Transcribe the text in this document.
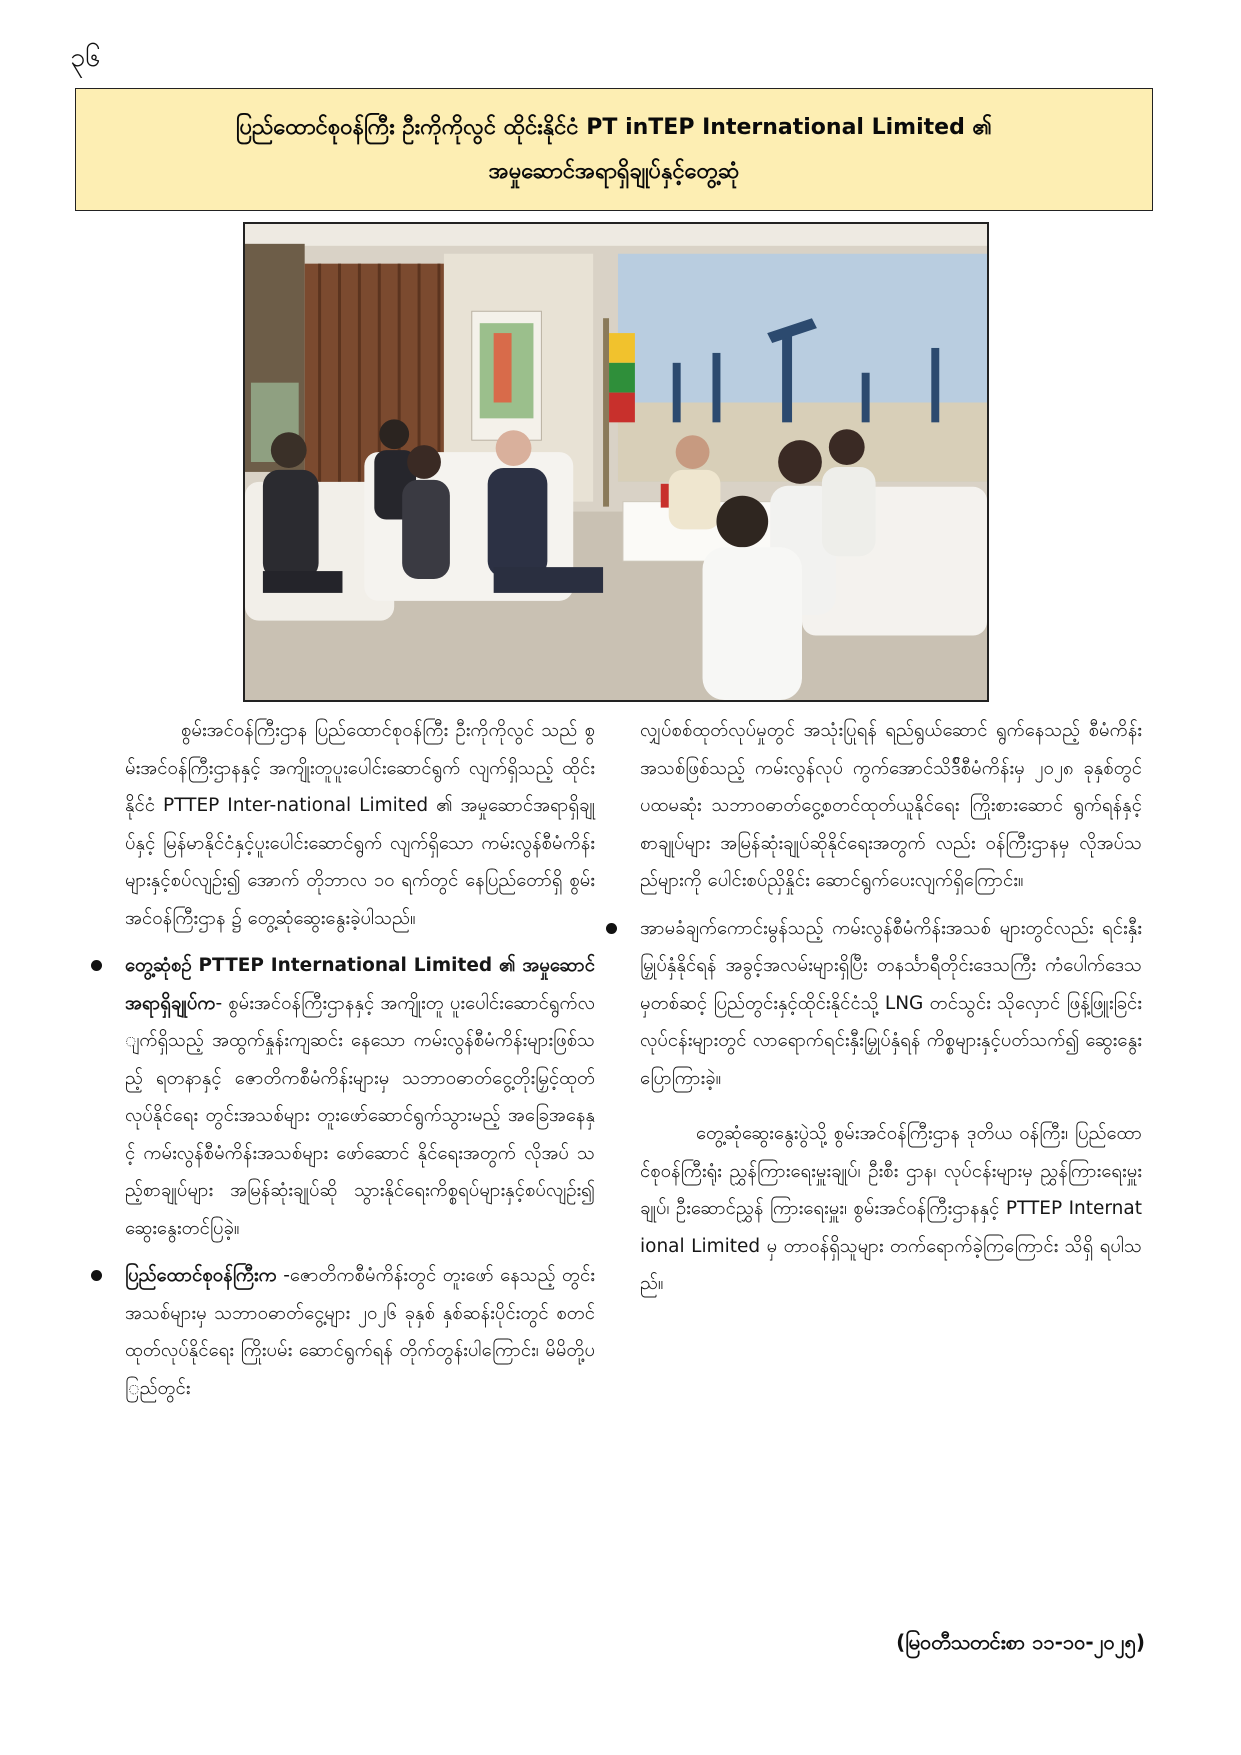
၃၆
ပြည်ထောင်စုဝန်ကြီး ဦးကိုကိုလွင် ထိုင်းနိုင်ငံ PT inTEP International Limited ၏
အမှုဆောင်အရာရှိချုပ်နှင့်တွေ့ဆုံ

စွမ်းအင်ဝန်ကြီးဌာန ပြည်ထောင်စုဝန်ကြီး ဦးကိုကိုလွင် သည် စွမ်းအင်ဝန်ကြီးဌာနနှင့် အကျိုးတူပူးပေါင်းဆောင်ရွက် လျက်ရှိသည့် ထိုင်းနိုင်ငံ PTTEP Inter-national Limited ၏ အမှုဆောင်အရာရှိချုပ်နှင့် မြန်မာနိုင်ငံနှင့်ပူးပေါင်းဆောင်ရွက် လျက်ရှိသော ကမ်းလွန်စီမံကိန်းများနှင့်စပ်လျဉ်း၍ အောက် တိုဘာလ ၁၀ ရက်တွင် နေပြည်တော်ရှိ စွမ်းအင်ဝန်ကြီးဌာန ၌ တွေ့ဆုံဆွေးနွေးခဲ့ပါသည်။

တွေ့ဆုံစဉ် PTTEP International Limited ၏ အမှုဆောင်အရာရှိချုပ်က- စွမ်းအင်ဝန်ကြီးဌာနနှင့် အကျိုးတူ ပူးပေါင်းဆောင်ရွက်လျက်ရှိသည့် အထွက်နှုန်းကျဆင်း နေသော ကမ်းလွန်စီမံကိန်းများဖြစ်သည့် ရတနာနှင့် ဇောတိကစီမံကိန်းများမှ သဘာဝဓာတ်ငွေ့တိုးမြှင့်ထုတ် လုပ်နိုင်ရေး တွင်းအသစ်များ တူးဖော်ဆောင်ရွက်သွားမည့် အခြေအနေနှင့် ကမ်းလွန်စီမံကိန်းအသစ်များ ဖော်ဆောင် နိုင်ရေးအတွက် လိုအပ် သည့်စာချုပ်များ အမြန်ဆုံးချုပ်ဆို သွားနိုင်ရေးကိစ္စရပ်များနှင့်စပ်လျဉ်း၍ ဆွေးနွေးတင်ပြခဲ့။
ပြည်ထောင်စုဝန်ကြီးက -ဇောတိကစီမံကိန်းတွင် တူးဖော် နေသည့် တွင်းအသစ်များမှ သဘာဝဓာတ်ငွေ့များ ၂၀၂၆ ခုနှစ် နှစ်ဆန်းပိုင်းတွင် စတင်ထုတ်လုပ်နိုင်ရေး ကြိုးပမ်း ဆောင်ရွက်ရန် တိုက်တွန်းပါကြောင်း၊ မိမိတို့ပြည်တွင်း

လျှပ်စစ်ထုတ်လုပ်မှုတွင် အသုံးပြုရန် ရည်ရွယ်ဆောင် ရွက်နေသည့် စီမံကိန်းအသစ်ဖြစ်သည့် ကမ်းလွန်လုပ် ကွက်အောင်သိဒ်ိစီမံကိန်းမှ ၂၀၂၈ ခုနှစ်တွင် ပထမဆုံး သဘာဝဓာတ်ငွေ့စတင်ထုတ်ယူနိုင်ရေး ကြိုးစားဆောင် ရွက်ရန်နှင့် စာချုပ်များ အမြန်ဆုံးချုပ်ဆိုနိုင်ရေးအတွက် လည်း ဝန်ကြီးဌာနမှ လိုအပ်သည်များကို ပေါင်းစပ်ညှိနှိုင်း ဆောင်ရွက်ပေးလျက်ရှိကြောင်း။

အာမခံချက်ကောင်းမွန်သည့် ကမ်းလွန်စီမံကိန်းအသစ် များတွင်လည်း ရင်းနှီးမြှုပ်နှံနိုင်ရန် အခွင့်အလမ်းများရှိပြီး တနင်္သာရီတိုင်းဒေသကြီး ကံပေါက်ဒေသမှတစ်ဆင့် ပြည်တွင်းနှင့်ထိုင်းနိုင်ငံသို့ LNG တင်သွင်း သိုလှောင် ဖြန့်ဖြူးခြင်းလုပ်ငန်းများတွင် လာရောက်ရင်းနှီးမြှုပ်နှံရန် ကိစ္စများနှင့်ပတ်သက်၍ ဆွေးနွေးပြောကြားခဲ့။

တွေ့ဆုံဆွေးနွေးပွဲသို့ စွမ်းအင်ဝန်ကြီးဌာန ဒုတိယ ဝန်ကြီး၊ ပြည်ထောင်စုဝန်ကြီးရုံး ညွှန်ကြားရေးမှူးချုပ်၊ ဦးစီး ဌာန၊ လုပ်ငန်းများမှ ညွှန်ကြားရေးမှူးချုပ်၊ ဦးဆောင်ညွှန် ကြားရေးမှူး၊ စွမ်းအင်ဝန်ကြီးဌာနနှင့် PTTEP International Limited မှ တာဝန်ရှိသူများ တက်ရောက်ခဲ့ကြကြောင်း သိရှိ ရပါသည်။

(မြဝတီသတင်းစာ ၁၁-၁၀-၂၀၂၅)
